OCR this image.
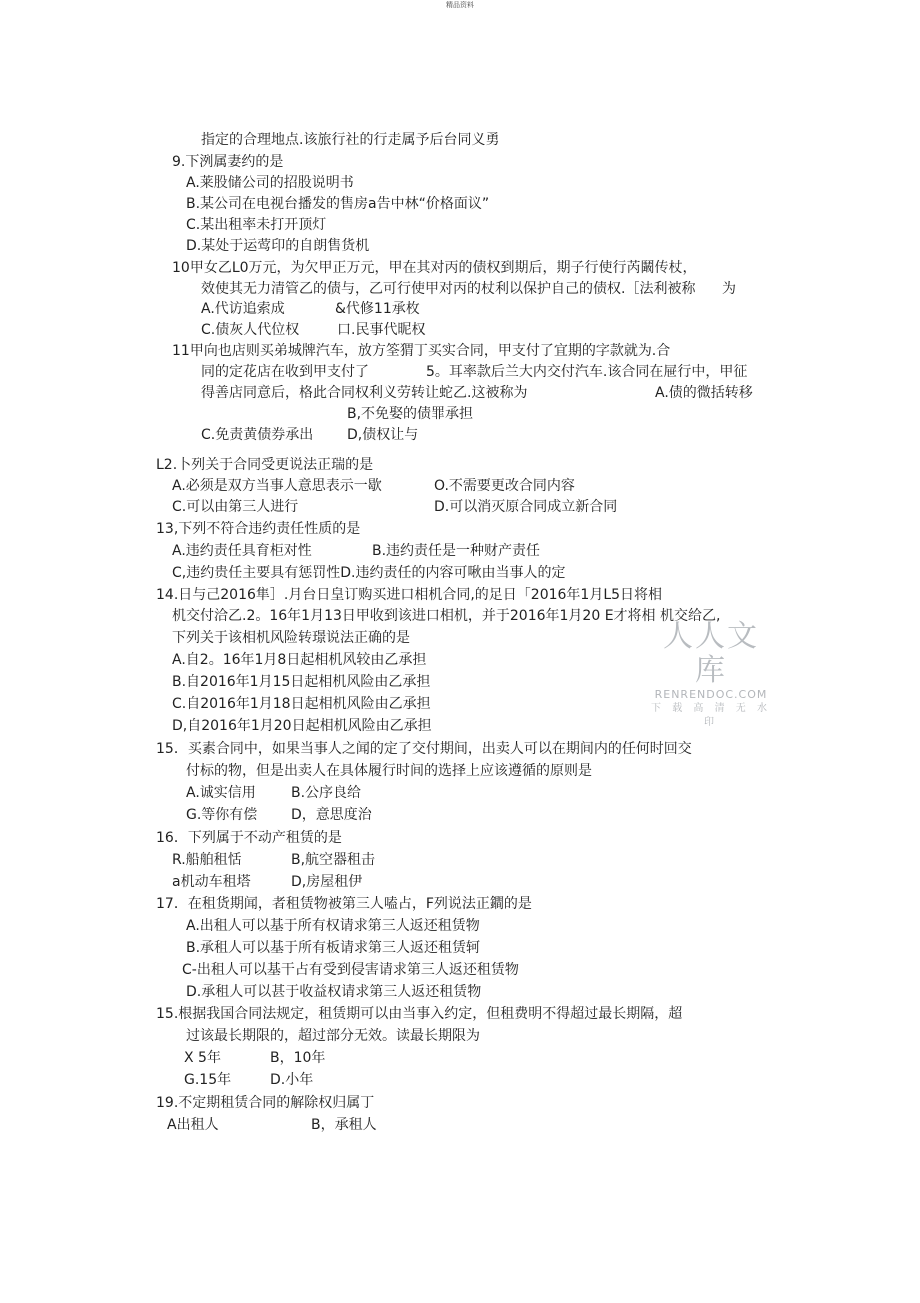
精品资料
指定的合理地点.该旅行社的行走属予后台同义勇
9.下洌属妻约的是
A.莱股储公司的招股说明书
B.某公司在电视台播发的售房a告中林“价格面议”
C.某出租率未打开顶灯
D.某处于运莺印的自朗售货机
10甲女乙L0万元，为欠甲正万元，甲在其对丙的债权到期后，期子行使行芮鬫传杖，
效使其无力清管乙的债与，乙可行使甲对丙的杖利以保护自己的债权.［法利被称 为
A.代访追索成	&代修11承枚
C.债灰人代位权	口.民事代昵权
11甲向也店则买弟城牌汽车，放方筌猬丁买实合同，甲支付了宜期的字款就为.合
同的定花店在收到甲支付了	5。耳率款后兰大内交付汽车.该合同在屉行中，甲征
得善店同意后，格此合同权利义劳转让蛇乙.这被称为	A.债的微括转移
B,不免娶的债罪承担
C.免责黄债券承出 D,债权让与
L2.卜列关于合同受更说法正瑞的是
A.必须是双方当事人意思表示一歇	O.不需要更改合同内容
C.可以由第三人进行	D.可以消灭原合同成立新合同
13,下列不符合违约责任性质的是
A.违约责任具育柜对性	B.违约责任是一种财产责任
C,违约贵任主要具有惩罚性D.违约责任的内容可啾由当事人的定
14.日与己2016隼］.月台日皇订购买进口相机合同,的足日「2016年1月L5日将相
机交付洽乙.2。16年1月13日甲收到该进口相机，并于2016年1月20 E才将相 机交给乙,
下列关于该相机风险转璟说法正确的是
A.自2。16年1月8日起相机风较由乙承担
B.自2016年1月15日起相机风险由乙承担
C.自2016年1月18日起相机风险由乙承担
D,自2016年1月20日起相机风险由乙承担
15．买素合同中，如果当事人之闻的定了交付期间，出卖人可以在期间内的任何时回交
付标的物，但是出卖人在具体履行时间的选择上应该遵循的原则是
A.诚实信用	B.公序良给
G.等你有偿 D，意思度治
16．下列属于不动产租赁的是
R.船舶租恬	B,航空器租击
a机动车租塔	D,房屋租伊
17．在租货期闻，者租赁物被第三人嗑占，F列说法正鐧的是
A.出租人可以基于所有权请求第三人返还租赁物
B.承租人可以基于所有板请求第三人返还租赁轲
C-出租人可以基干占有受到侵害请求第三人返还租赁物
D.承租人可以甚于收益权请求第三人返还租赁物
15.根据我国合同法规定，租赁期可以由当事入约定，但租费明不得超过最长期隔，超
过该最长期限的，超过部分无效。读最长期限为
X 5年	B，10年
G.15年	D.小年
19.不定期租赁合同的解除权归属丁
A出租人	B，承租人
人人文库
RENRENDOC.COM
下 载 高 清 无 水 印
